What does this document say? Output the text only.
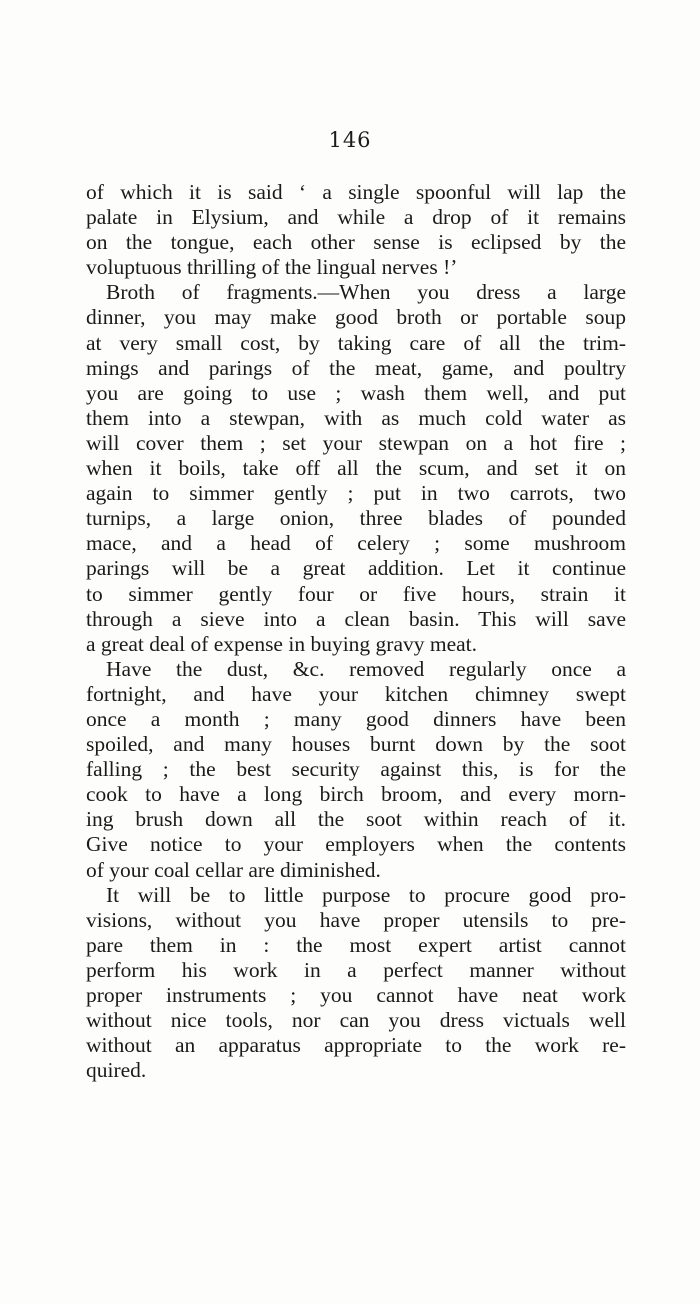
146
of which it is said ‘ a single spoonful will lap the
palate in Elysium, and while a drop of it remains
on the tongue, each other sense is eclipsed by the
voluptuous thrilling of the lingual nerves !’
Broth of fragments.—When you dress a large
dinner, you may make good broth or portable soup
at very small cost, by taking care of all the trim-
mings and parings of the meat, game, and poultry
you are going to use ; wash them well, and put
them into a stewpan, with as much cold water as
will cover them ; set your stewpan on a hot fire ;
when it boils, take off all the scum, and set it on
again to simmer gently ; put in two carrots, two
turnips, a large onion, three blades of pounded
mace, and a head of celery ; some mushroom
parings will be a great addition. Let it continue
to simmer gently four or five hours, strain it
through a sieve into a clean basin. This will save
a great deal of expense in buying gravy meat.
Have the dust, &c. removed regularly once a
fortnight, and have your kitchen chimney swept
once a month ; many good dinners have been
spoiled, and many houses burnt down by the soot
falling ; the best security against this, is for the
cook to have a long birch broom, and every morn-
ing brush down all the soot within reach of it.
Give notice to your employers when the contents
of your coal cellar are diminished.
It will be to little purpose to procure good pro-
visions, without you have proper utensils to pre-
pare them in : the most expert artist cannot
perform his work in a perfect manner without
proper instruments ; you cannot have neat work
without nice tools, nor can you dress victuals well
without an apparatus appropriate to the work re-
quired.
